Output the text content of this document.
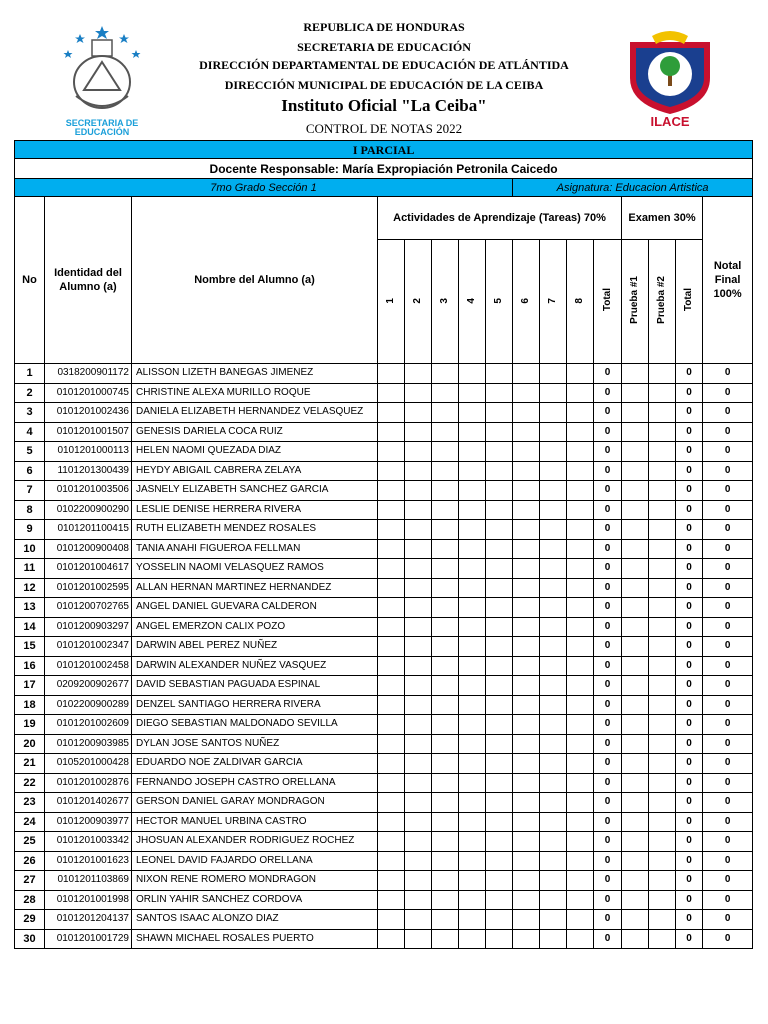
SECRETARIA DE
EDUCACIÓN
ILACE
REPUBLICA DE HONDURAS
SECRETARIA DE EDUCACIÓN
DIRECCIÓN DEPARTAMENTAL DE EDUCACIÓN DE ATLÁNTIDA
DIRECCIÓN MUNICIPAL DE EDUCACIÓN DE LA CEIBA
Instituto Oficial "La Ceiba"
CONTROL DE NOTAS 2022
I PARCIAL															
Docente Responsable: María Expropiación Petronila Caicedo															
7mo Grado Sección 1								Asignatura: Educacion Artistica							
No	Identidad del Alumno (a)	Nombre del Alumno (a)	Actividades de Aprendizaje (Tareas) 70%									Examen 30%			Notal Final 100%
			1	2	3	4	5	6	7	8	Total	Prueba #1	Prueba #2	Total	
1	0318200901172	ALISSON LIZETH BANEGAS JIMENEZ									0			0	0
2	0101201000745	CHRISTINE ALEXA MURILLO ROQUE									0			0	0
3	0101201002436	DANIELA ELIZABETH HERNANDEZ VELASQUEZ									0			0	0
4	0101201001507	GENESIS DARIELA COCA RUIZ									0			0	0
5	0101201000113	HELEN NAOMI QUEZADA DIAZ									0			0	0
6	1101201300439	HEYDY ABIGAIL CABRERA ZELAYA									0			0	0
7	0101201003506	JASNELY ELIZABETH SANCHEZ GARCIA									0			0	0
8	0102200900290	LESLIE DENISE HERRERA RIVERA									0			0	0
9	0101201100415	RUTH ELIZABETH MENDEZ ROSALES									0			0	0
10	0101200900408	TANIA ANAHI FIGUEROA FELLMAN									0			0	0
11	0101201004617	YOSSELIN NAOMI VELASQUEZ RAMOS									0			0	0
12	0101201002595	ALLAN HERNAN MARTINEZ HERNANDEZ									0			0	0
13	0101200702765	ANGEL DANIEL GUEVARA CALDERON									0			0	0
14	0101200903297	ANGEL EMERZON CALIX POZO									0			0	0
15	0101201002347	DARWIN ABEL PEREZ NUÑEZ									0			0	0
16	0101201002458	DARWIN ALEXANDER NUÑEZ VASQUEZ									0			0	0
17	0209200902677	DAVID SEBASTIAN PAGUADA ESPINAL									0			0	0
18	0102200900289	DENZEL SANTIAGO HERRERA RIVERA									0			0	0
19	0101201002609	DIEGO SEBASTIAN MALDONADO SEVILLA									0			0	0
20	0101200903985	DYLAN JOSE SANTOS NUÑEZ									0			0	0
21	0105201000428	EDUARDO NOE ZALDIVAR GARCIA									0			0	0
22	0101201002876	FERNANDO JOSEPH CASTRO ORELLANA									0			0	0
23	0101201402677	GERSON DANIEL GARAY MONDRAGON									0			0	0
24	0101200903977	HECTOR MANUEL URBINA CASTRO									0			0	0
25	0101201003342	JHOSUAN ALEXANDER RODRIGUEZ ROCHEZ									0			0	0
26	0101201001623	LEONEL DAVID FAJARDO ORELLANA									0			0	0
27	0101201103869	NIXON RENE ROMERO MONDRAGON									0			0	0
28	0101201001998	ORLIN YAHIR SANCHEZ CORDOVA									0			0	0
29	0101201204137	SANTOS ISAAC ALONZO DIAZ									0			0	0
30	0101201001729	SHAWN MICHAEL ROSALES PUERTO									0			0	0
